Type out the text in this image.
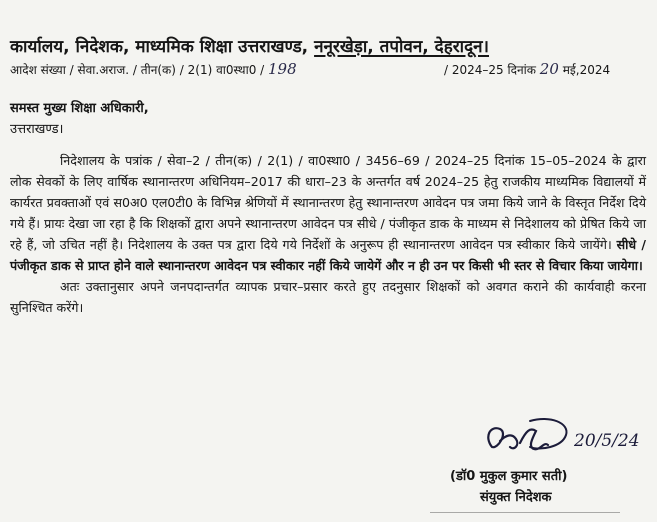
कार्यालय, निदेशक, माध्यमिक शिक्षा उत्तराखण्ड, ननूरखेड़ा, तपोवन, देहरादून।
आदेश संख्या / सेवा.अराज. / तीन(क) / 2(1) वा0स्था0 / 198	/ 2024–25 दिनांक 20 मई,2024
समस्त मुख्य शिक्षा अधिकारी,
उत्तराखण्ड।

निदेशालय के पत्रांक / सेवा–2 / तीन(क) / 2(1) / वा0स्था0 / 3456–69 / 2024–25 दिनांक 15–05–2024 के द्वारा लोक सेवकों के लिए वार्षिक स्थानान्तरण अधिनियम–2017 की धारा–23 के अन्तर्गत वर्ष 2024–25 हेतु राजकीय माध्यमिक विद्यालयों में कार्यरत प्रवक्ताओं एवं स0अ0 एल0टी0 के विभिन्न श्रेणियों में स्थानान्तरण हेतु स्थानान्तरण आवेदन पत्र जमा किये जाने के विस्तृत निर्देश दिये गये हैं। प्रायः देखा जा रहा है कि शिक्षकों द्वारा अपने स्थानान्तरण आवेदन पत्र सीधे / पंजीकृत डाक के माध्यम से निदेशालय को प्रेषित किये जा रहे हैं, जो उचित नहीं है। निदेशालय के उक्त पत्र द्वारा दिये गये निर्देशों के अनुरूप ही स्थानान्तरण आवेदन पत्र स्वीकार किये जायेंगे। सीधे / पंजीकृत डाक से प्राप्त होने वाले स्थानान्तरण आवेदन पत्र स्वीकार नहीं किये जायेगें और न ही उन पर किसी भी स्तर से विचार किया जायेगा।

अतः उक्तानुसार अपने जनपदान्तर्गत व्यापक प्रचार–प्रसार करते हुए तदनुसार शिक्षकों को अवगत कराने की कार्यवाही करना सुनिश्चित करेंगे।

20/5/24
(डॉ0 मुकुल कुमार सती)
संयुक्त निदेशक
